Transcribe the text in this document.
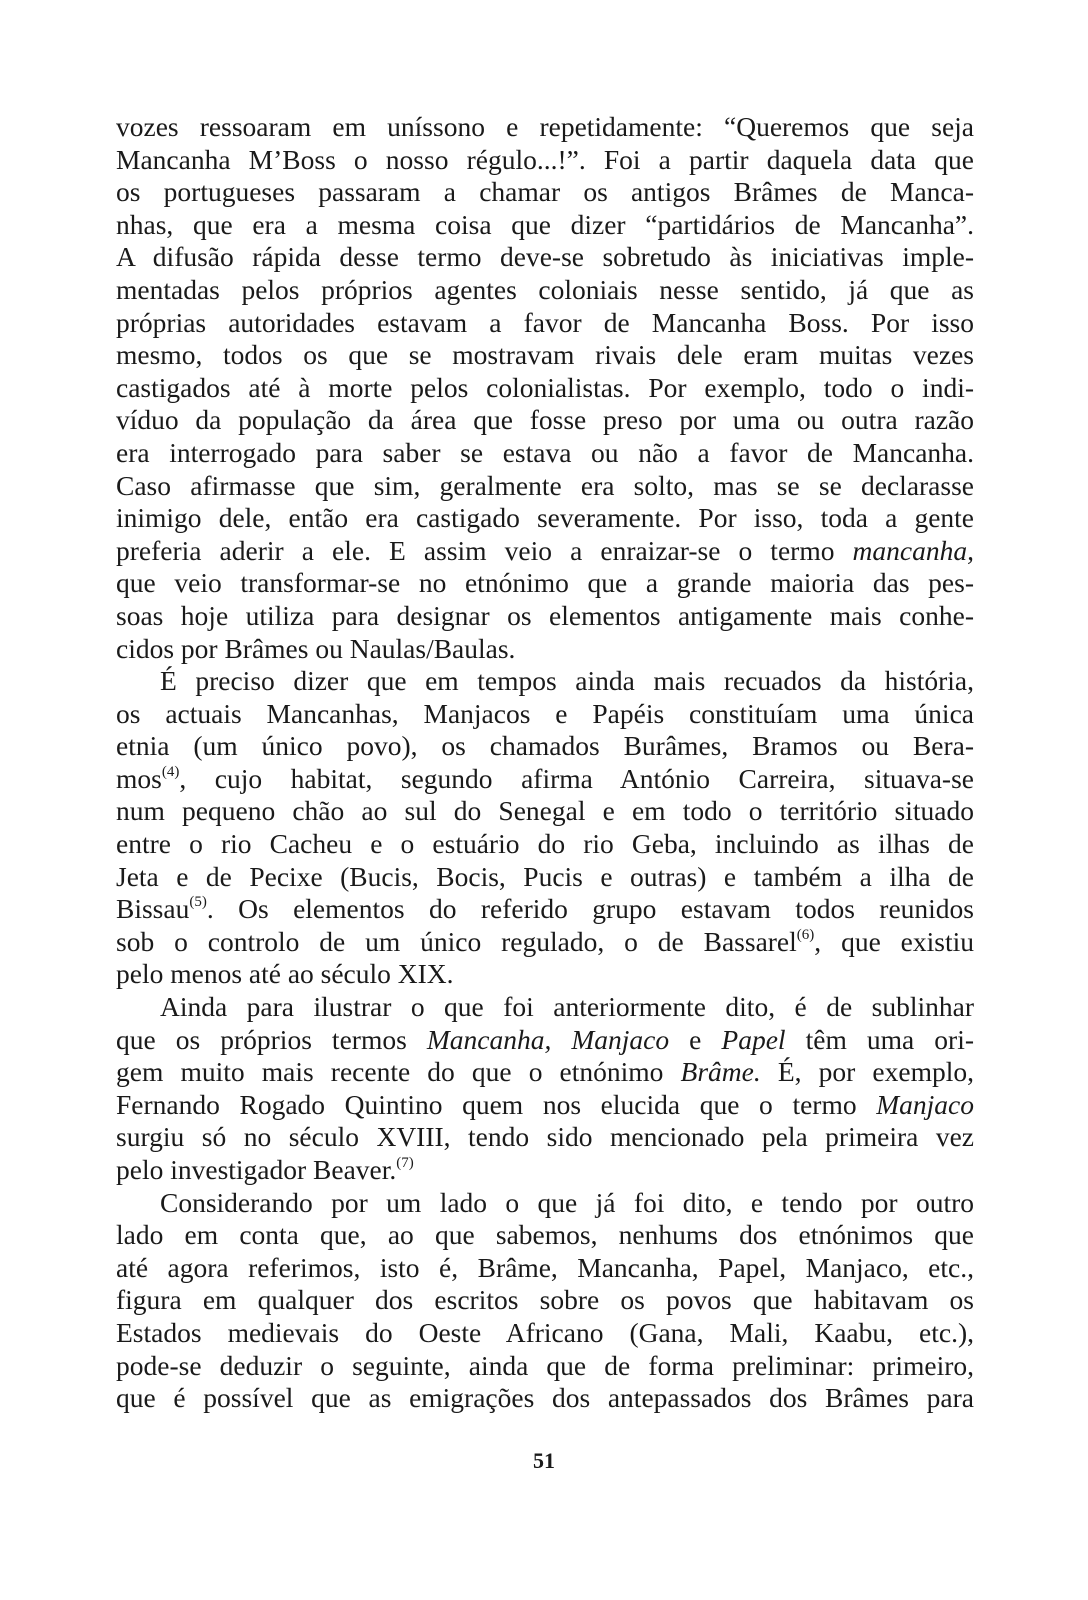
vozes ressoaram em uníssono e repetidamente: “Queremos que seja
Mancanha M’Boss o nosso régulo...!”. Foi a partir daquela data que
os portugueses passaram a chamar os antigos Brâmes de Manca-
nhas, que era a mesma coisa que dizer “partidários de Mancanha”.
A difusão rápida desse termo deve-se sobretudo às iniciativas imple-
mentadas pelos próprios agentes coloniais nesse sentido, já que as
próprias autoridades estavam a favor de Mancanha Boss. Por isso
mesmo, todos os que se mostravam rivais dele eram muitas vezes
castigados até à morte pelos colonialistas. Por exemplo, todo o indi-
víduo da população da área que fosse preso por uma ou outra razão
era interrogado para saber se estava ou não a favor de Mancanha.
Caso afirmasse que sim, geralmente era solto, mas se se declarasse
inimigo dele, então era castigado severamente. Por isso, toda a gente
preferia aderir a ele. E assim veio a enraizar-se o termo mancanha,
que veio transformar-se no etnónimo que a grande maioria das pes-
soas hoje utiliza para designar os elementos antigamente mais conhe-
cidos por Brâmes ou Naulas/Baulas.

É preciso dizer que em tempos ainda mais recuados da história,
os actuais Mancanhas, Manjacos e Papéis constituíam uma única
etnia (um único povo), os chamados Burâmes, Bramos ou Bera-
mos$^{(4)}$, cujo habitat, segundo afirma António Carreira, situava-se
num pequeno chão ao sul do Senegal e em todo o território situado
entre o rio Cacheu e o estuário do rio Geba, incluindo as ilhas de
Jeta e de Pecixe (Bucis, Bocis, Pucis e outras) e também a ilha de
Bissau$^{(5)}$. Os elementos do referido grupo estavam todos reunidos
sob o controlo de um único regulado, o de Bassarel$^{(6)}$, que existiu
pelo menos até ao século XIX.

Ainda para ilustrar o que foi anteriormente dito, é de sublinhar
que os próprios termos Mancanha, Manjaco e Papel têm uma ori-
gem muito mais recente do que o etnónimo Brâme. É, por exemplo,
Fernando Rogado Quintino quem nos elucida que o termo Manjaco
surgiu só no século XVIII, tendo sido mencionado pela primeira vez
pelo investigador Beaver.$^{(7)}$

Considerando por um lado o que já foi dito, e tendo por outro
lado em conta que, ao que sabemos, nenhums dos etnónimos que
até agora referimos, isto é, Brâme, Mancanha, Papel, Manjaco, etc.,
figura em qualquer dos escritos sobre os povos que habitavam os
Estados medievais do Oeste Africano (Gana, Mali, Kaabu, etc.),
pode-se deduzir o seguinte, ainda que de forma preliminar: primeiro,
que é possível que as emigrações dos antepassados dos Brâmes para

51
